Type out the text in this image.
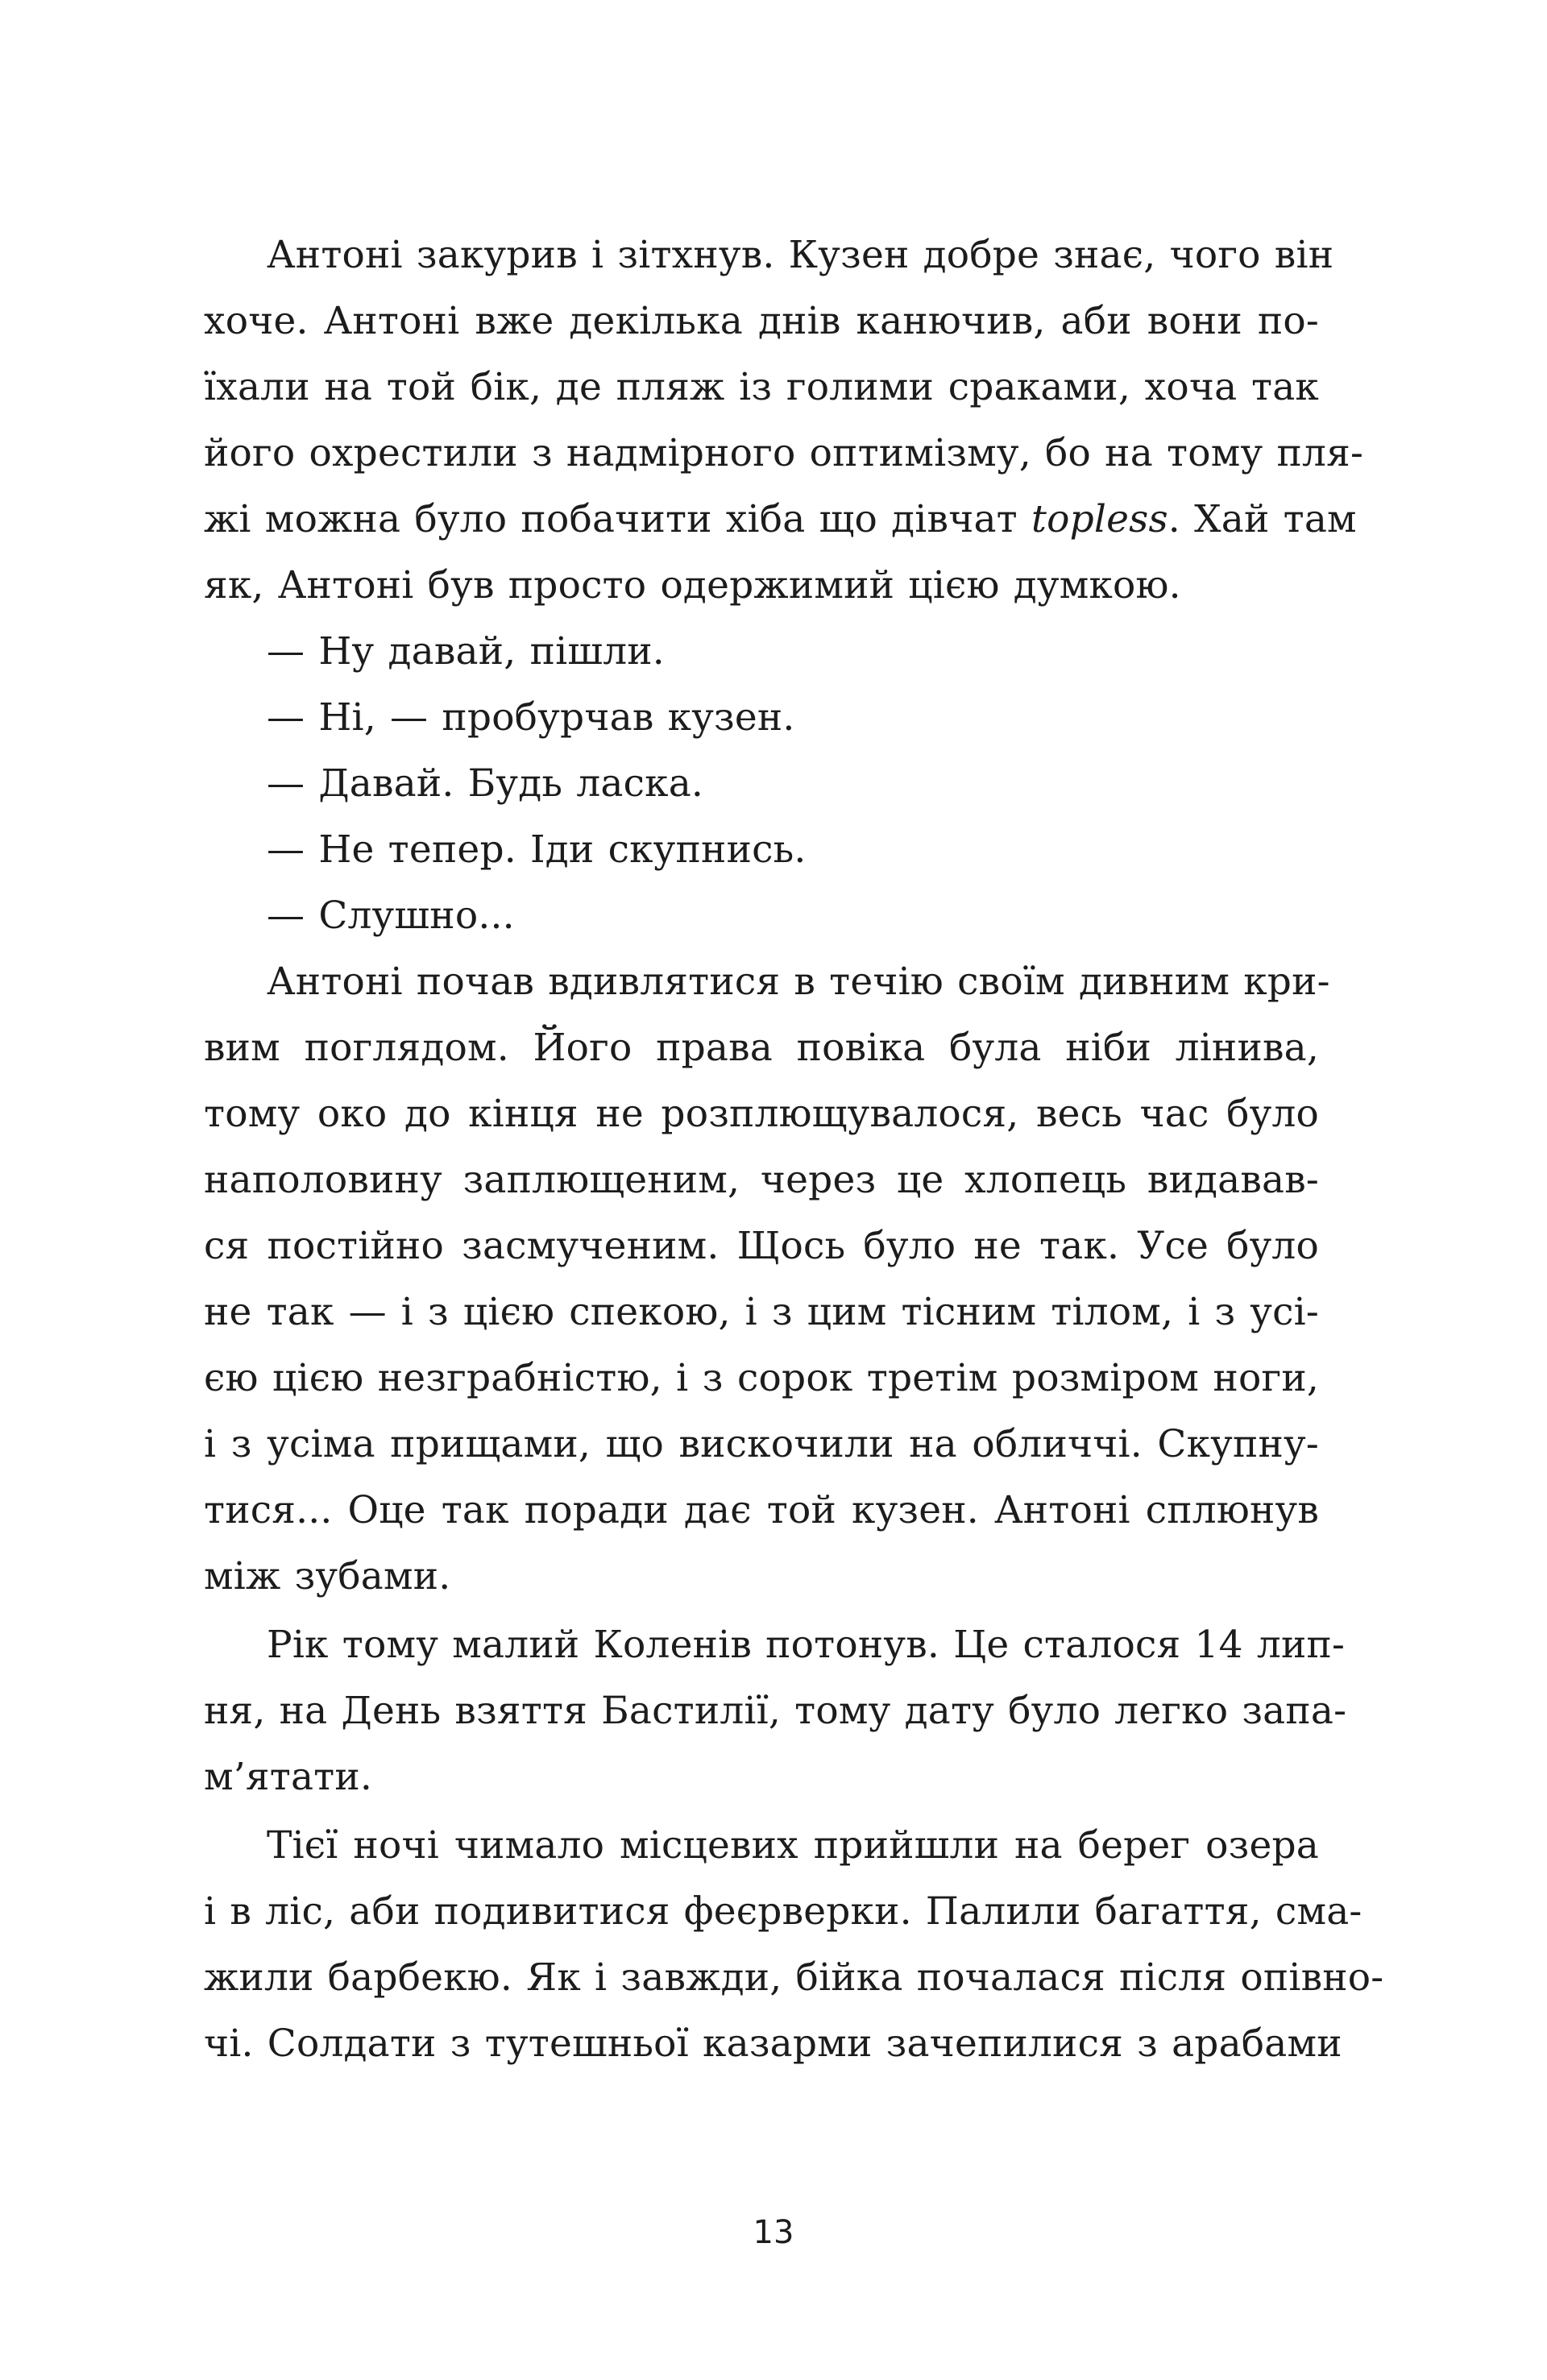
Антоні закурив і зітхнув. Кузен добре знає, чого він
хоче. Антоні вже декілька днів канючив, аби вони по-
їхали на той бік, де пляж із голими сраками, хоча так
його охрестили з надмірного оптимізму, бо на тому пля-
жі можна було побачити хіба що дівчат topless. Хай там
як, Антоні був просто одержимий цією думкою.
— Ну давай, пішли.
— Ні, — пробурчав кузен.
— Давай. Будь ласка.
— Не тепер. Іди скупнись.
— Слушно...
Антоні почав вдивлятися в течію своїм дивним кри-
вим поглядом. Його права повіка була ніби лінива,
тому око до кінця не розплющувалося, весь час було
наполовину заплющеним, через це хлопець видавав-
ся постійно засмученим. Щось було не так. Усе було
не так — і з цією спекою, і з цим тісним тілом, і з усі-
єю цією незграбністю, і з сорок третім розміром ноги,
і з усіма прищами, що вискочили на обличчі. Скупну-
тися... Оце так поради дає той кузен. Антоні сплюнув
між зубами.
Рік тому малий Коленів потонув. Це сталося 14 лип-
ня, на День взяття Бастилії, тому дату було легко запа-
м’ятати.
Тієї ночі чимало місцевих прийшли на берег озера
і в ліс, аби подивитися феєрверки. Палили багаття, сма-
жили барбекю. Як і завжди, бійка почалася після опівно-
чі. Солдати з тутешньої казарми зачепилися з арабами
13
